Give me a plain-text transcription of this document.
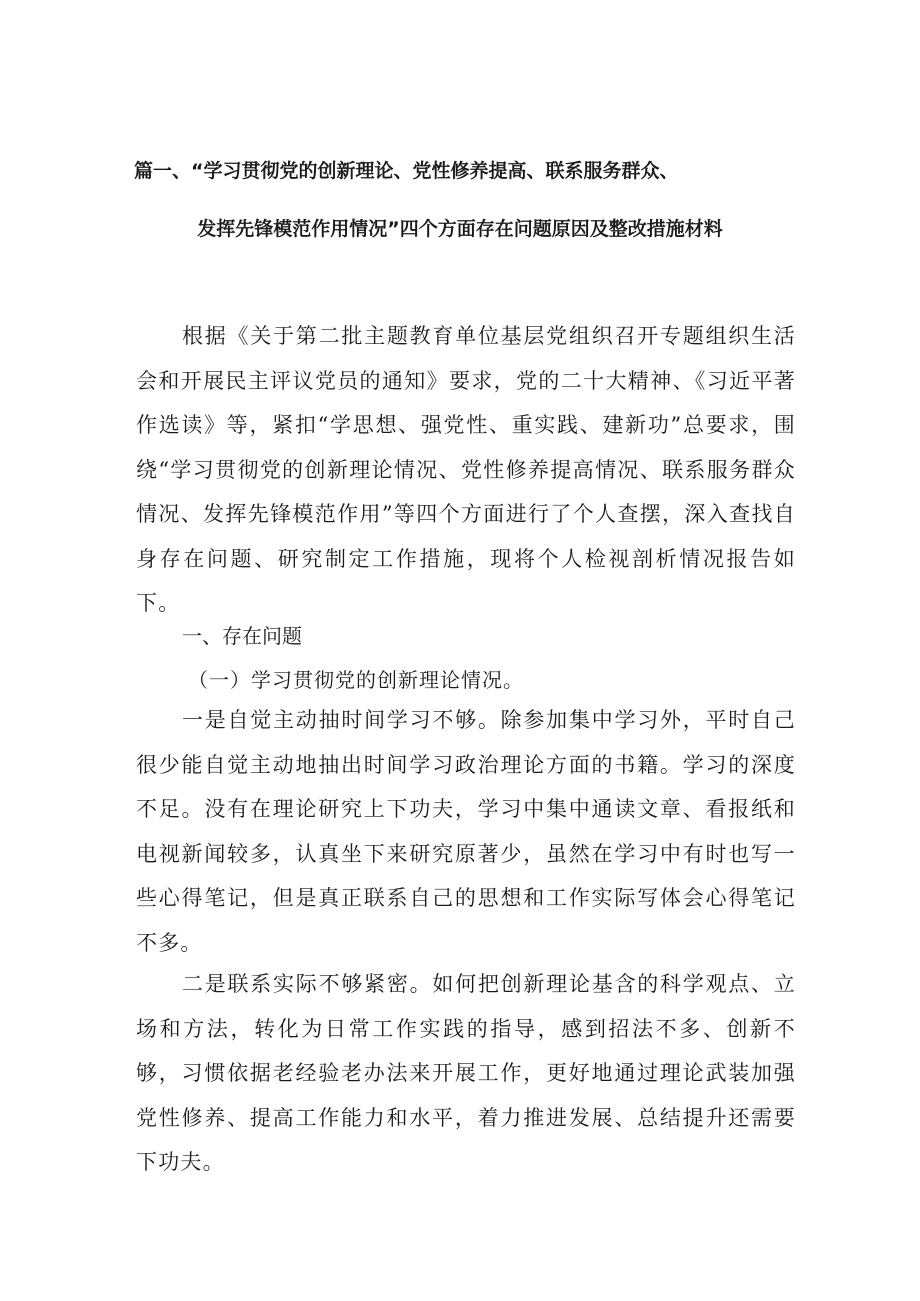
篇一、“学习贯彻党的创新理论、党性修养提高、联系服务群众、
发挥先锋模范作用情况”四个方面存在问题原因及整改措施材料

根据《关于第二批主题教育单位基层党组织召开专题组织生活会和开展民主评议党员的通知》要求，党的二十大精神、《习近平著作选读》等，紧扣“学思想、强党性、重实践、建新功”总要求，围绕“学习贯彻党的创新理论情况、党性修养提高情况、联系服务群众情况、发挥先锋模范作用”等四个方面进行了个人查摆，深入查找自身存在问题、研究制定工作措施，现将个人检视剖析情况报告如下。

一、存在问题
（一）学习贯彻党的创新理论情况。

一是自觉主动抽时间学习不够。除参加集中学习外，平时自己很少能自觉主动地抽出时间学习政治理论方面的书籍。学习的深度不足。没有在理论研究上下功夫，学习中集中通读文章、看报纸和电视新闻较多，认真坐下来研究原著少，虽然在学习中有时也写一些心得笔记，但是真正联系自己的思想和工作实际写体会心得笔记不多。

二是联系实际不够紧密。如何把创新理论基含的科学观点、立场和方法，转化为日常工作实践的指导，感到招法不多、创新不够，习惯依据老经验老办法来开展工作，更好地通过理论武装加强党性修养、提高工作能力和水平，着力推进发展、总结提升还需要下功夫。
